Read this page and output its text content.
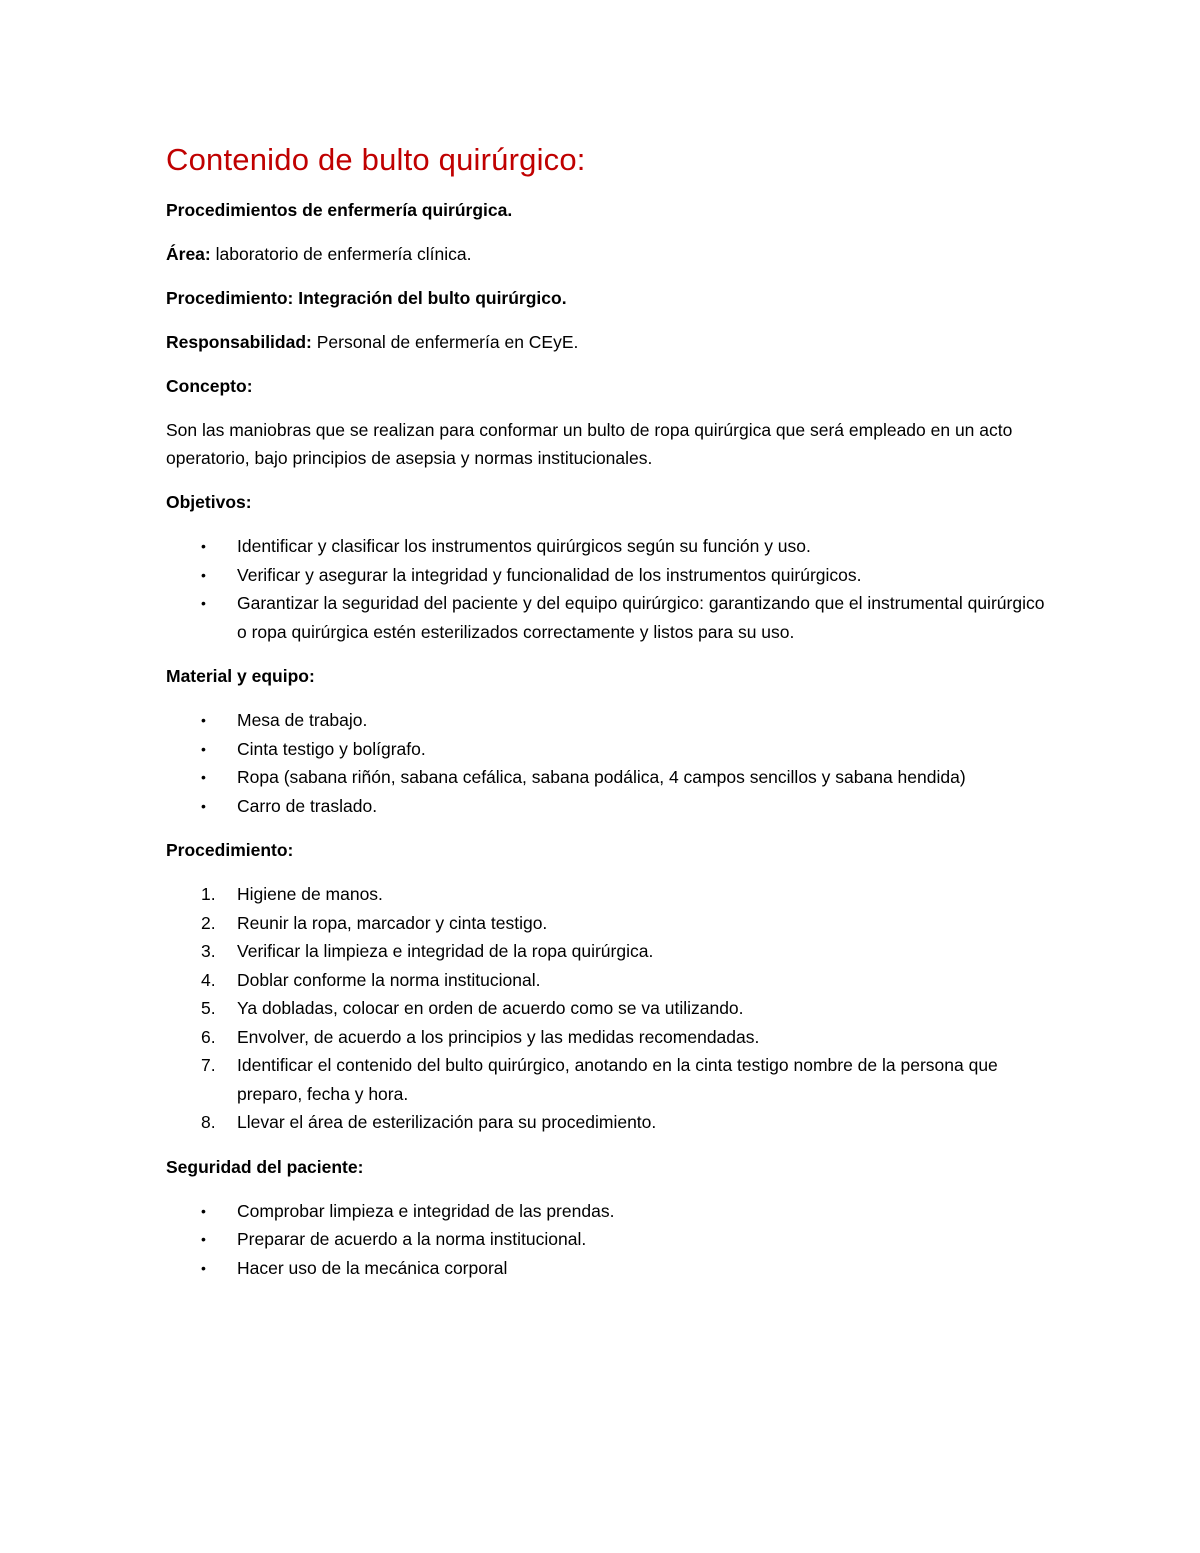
Contenido de bulto quirúrgico:

Procedimientos de enfermería quirúrgica.

Área: laboratorio de enfermería clínica.

Procedimiento: Integración del bulto quirúrgico.

Responsabilidad: Personal de enfermería en CEyE.

Concepto:

Son las maniobras que se realizan para conformar un bulto de ropa quirúrgica que será empleado en un acto operatorio, bajo principios de asepsia y normas institucionales.

Objetivos:

• Identificar y clasificar los instrumentos quirúrgicos según su función y uso.
• Verificar y asegurar la integridad y funcionalidad de los instrumentos quirúrgicos.
• Garantizar la seguridad del paciente y del equipo quirúrgico: garantizando que el instrumental quirúrgico o ropa quirúrgica estén esterilizados correctamente y listos para su uso.

Material y equipo:

• Mesa de trabajo.
• Cinta testigo y bolígrafo.
• Ropa (sabana riñón, sabana cefálica, sabana podálica, 4 campos sencillos y sabana hendida)
• Carro de traslado.

Procedimiento:

1. Higiene de manos.
2. Reunir la ropa, marcador y cinta testigo.
3. Verificar la limpieza e integridad de la ropa quirúrgica.
4. Doblar conforme la norma institucional.
5. Ya dobladas, colocar en orden de acuerdo como se va utilizando.
6. Envolver, de acuerdo a los principios y las medidas recomendadas.
7. Identificar el contenido del bulto quirúrgico, anotando en la cinta testigo nombre de la persona que preparo, fecha y hora.
8. Llevar el área de esterilización para su procedimiento.

Seguridad del paciente:

• Comprobar limpieza e integridad de las prendas.
• Preparar de acuerdo a la norma institucional.
• Hacer uso de la mecánica corporal
